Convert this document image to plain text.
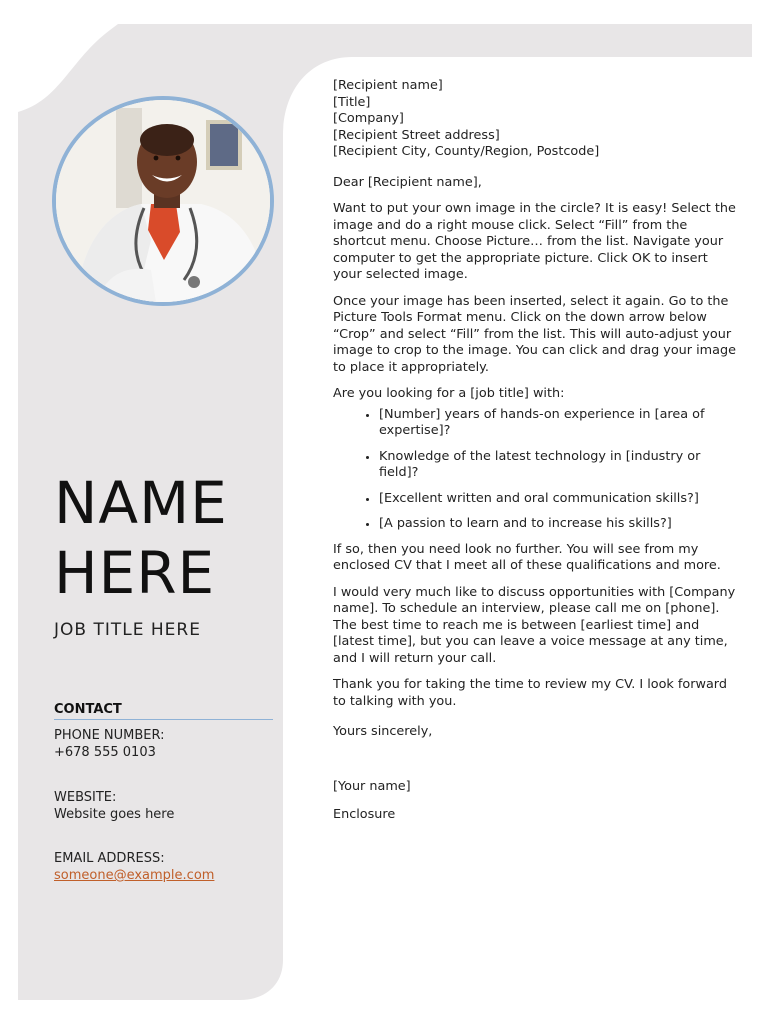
NAME
HERE
JOB TITLE HERE
CONTACT
PHONE NUMBER:
+678 555 0103
WEBSITE:
Website goes here
EMAIL ADDRESS:
someone@example.com
[Recipient name]
[Title]
[Company]
[Recipient Street address]
[Recipient City, County/Region, Postcode]

Dear [Recipient name],

Want to put your own image in the circle? It is easy! Select the image and do a right mouse click. Select “Fill” from the shortcut menu. Choose Picture… from the list. Navigate your computer to get the appropriate picture. Click OK to insert your selected image.

Once your image has been inserted, select it again. Go to the Picture Tools Format menu. Click on the down arrow below “Crop” and select “Fill” from the list. This will auto-adjust your image to crop to the image. You can click and drag your image to place it appropriately.

Are you looking for a [job title] with:

• [Number] years of hands-on experience in [area of expertise]?
• Knowledge of the latest technology in [industry or field]?
• [Excellent written and oral communication skills?]
• [A passion to learn and to increase his skills?]

If so, then you need look no further. You will see from my enclosed CV that I meet all of these qualifications and more.

I would very much like to discuss opportunities with [Company name]. To schedule an interview, please call me on [phone]. The best time to reach me is between [earliest time] and [latest time], but you can leave a voice message at any time, and I will return your call.

Thank you for taking the time to review my CV. I look forward to talking with you.

Yours sincerely,

[Your name]

Enclosure
